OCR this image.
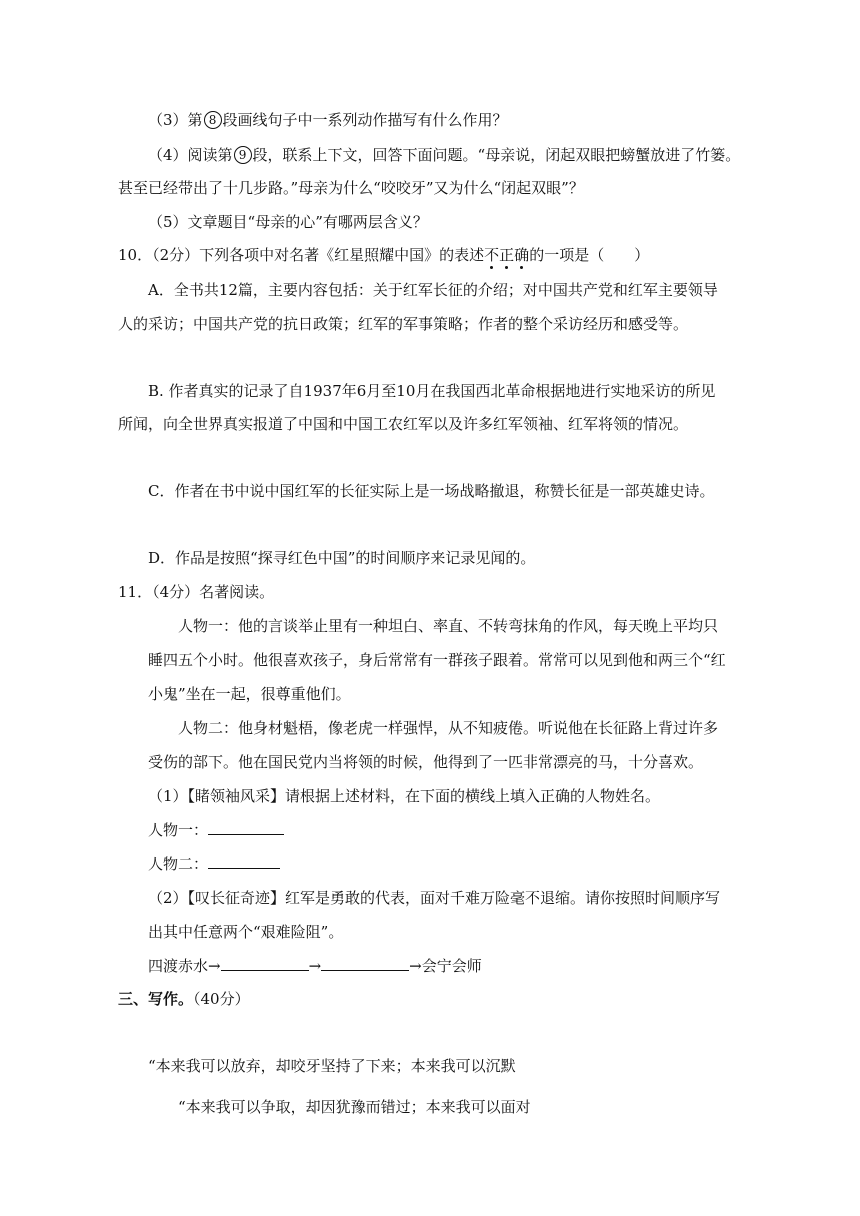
（3）第 8 段画线句子中一系列动作描写有什么作用？
（4）阅读第 9 段，联系上下文，回答下面问题。“母亲说，闭起双眼把螃蟹放进了竹篓。
甚至已经带出了十几步路。”母亲为什么“咬咬牙”又为什么“闭起双眼”？
（5）文章题目“母亲的心”有哪两层含义？
10．（2分）下列各项中对名著《红星照耀中国》的表述不正确的一项是（　　）
A．全书共12篇，主要内容包括：关于红军长征的介绍；对中国共产党和红军主要领导
人的采访；中国共产党的抗日政策；红军的军事策略；作者的整个采访经历和感受等。
B. 作者真实的记录了自1937年6月至10月在我国西北革命根据地进行实地采访的所见
所闻，向全世界真实报道了中国和中国工农红军以及许多红军领袖、红军将领的情况。
C．作者在书中说中国红军的长征实际上是一场战略撤退，称赞长征是一部英雄史诗。
D．作品是按照“探寻红色中国”的时间顺序来记录见闻的。
11．（4分）名著阅读。
人物一：他的言谈举止里有一种坦白、率直、不转弯抹角的作风，每天晚上平均只
睡四五个小时。他很喜欢孩子，身后常常有一群孩子跟着。常常可以见到他和两三个“红
小鬼”坐在一起，很尊重他们。
人物二：他身材魁梧，像老虎一样强悍，从不知疲倦。听说他在长征路上背过许多
受伤的部下。他在国民党内当将领的时候，他得到了一匹非常漂亮的马，十分喜欢。
（1）【睹领袖风采】请根据上述材料，在下面的横线上填入正确的人物姓名。
人物一：
人物二：
（2）【叹长征奇迹】红军是勇敢的代表，面对千难万险毫不退缩。请你按照时间顺序写
出其中任意两个“艰难险阻”。
四渡赤水→	→	→会宁会师
三、写作。（40分）
“本来我可以放弃，却咬牙坚持了下来；本来我可以沉默
“本来我可以争取，却因犹豫而错过；本来我可以面对
